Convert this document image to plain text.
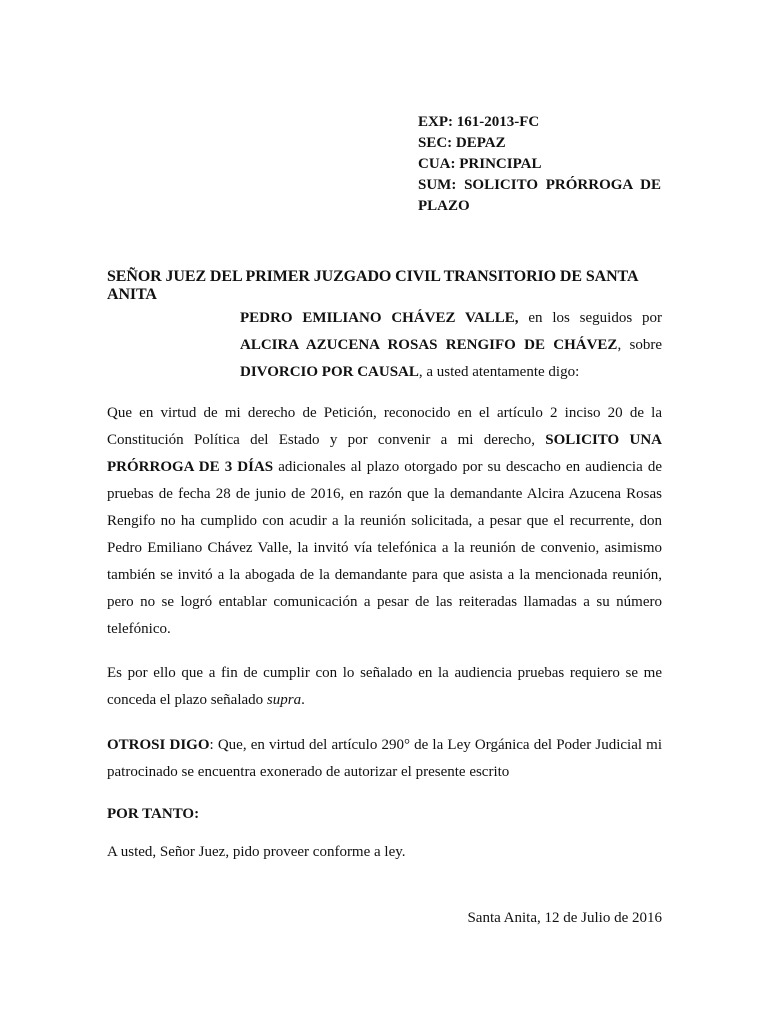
EXP: 161-2013-FC
SEC: DEPAZ
CUA: PRINCIPAL
SUM: SOLICITO PRÓRROGA DE PLAZO
SEÑOR JUEZ DEL PRIMER JUZGADO CIVIL TRANSITORIO DE SANTA ANITA
PEDRO EMILIANO CHÁVEZ VALLE, en los seguidos por ALCIRA AZUCENA ROSAS RENGIFO DE CHÁVEZ, sobre DIVORCIO POR CAUSAL, a usted atentamente digo:
Que en virtud de mi derecho de Petición, reconocido en el artículo 2 inciso 20 de la Constitución Política del Estado y por convenir a mi derecho, SOLICITO UNA PRÓRROGA DE 3 DÍAS adicionales al plazo otorgado por su descacho en audiencia de pruebas de fecha 28 de junio de 2016, en razón que la demandante Alcira Azucena Rosas Rengifo no ha cumplido con acudir a la reunión solicitada, a pesar que el recurrente, don Pedro Emiliano Chávez Valle, la invitó vía telefónica a la reunión de convenio, asimismo también se invitó a la abogada de la demandante para que asista a la mencionada reunión, pero no se logró entablar comunicación a pesar de las reiteradas llamadas a su número telefónico.
Es por ello que a fin de cumplir con lo señalado en la audiencia pruebas requiero se me conceda el plazo señalado supra.
OTROSI DIGO: Que, en virtud del artículo 290° de la Ley Orgánica del Poder Judicial mi patrocinado se encuentra exonerado de autorizar el presente escrito
POR TANTO:
A usted, Señor Juez, pido proveer conforme a ley.
Santa Anita, 12 de Julio de 2016
